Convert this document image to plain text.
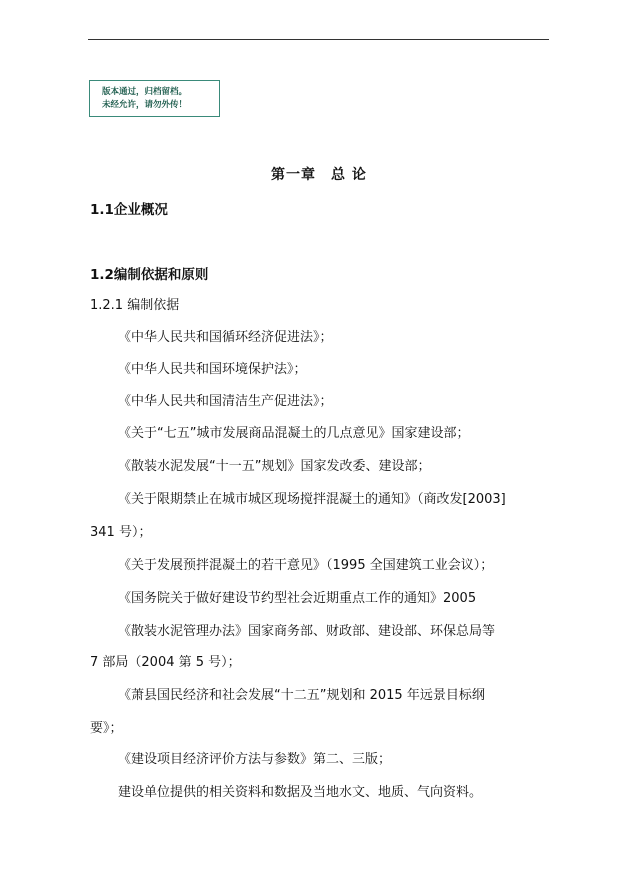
版本通过，归档留档。
未经允许，请勿外传！
第一章　总 论
1.1企业概况
1.2编制依据和原则
1.2.1 编制依据
《中华人民共和国循环经济促进法》；
《中华人民共和国环境保护法》；
《中华人民共和国清洁生产促进法》；
《关于“七五”城市发展商品混凝土的几点意见》国家建设部；
《散装水泥发展“十一五”规划》国家发改委、建设部；
《关于限期禁止在城市城区现场搅拌混凝土的通知》（商改发[2003]
341 号）；
《关于发展预拌混凝土的若干意见》（1995 全国建筑工业会议）；
《国务院关于做好建设节约型社会近期重点工作的通知》2005
《散装水泥管理办法》国家商务部、财政部、建设部、环保总局等
7 部局（2004 第 5 号）；
《萧县国民经济和社会发展“十二五”规划和 2015 年远景目标纲
要》；
《建设项目经济评价方法与参数》第二、三版；
建设单位提供的相关资料和数据及当地水文、地质、气向资料。
